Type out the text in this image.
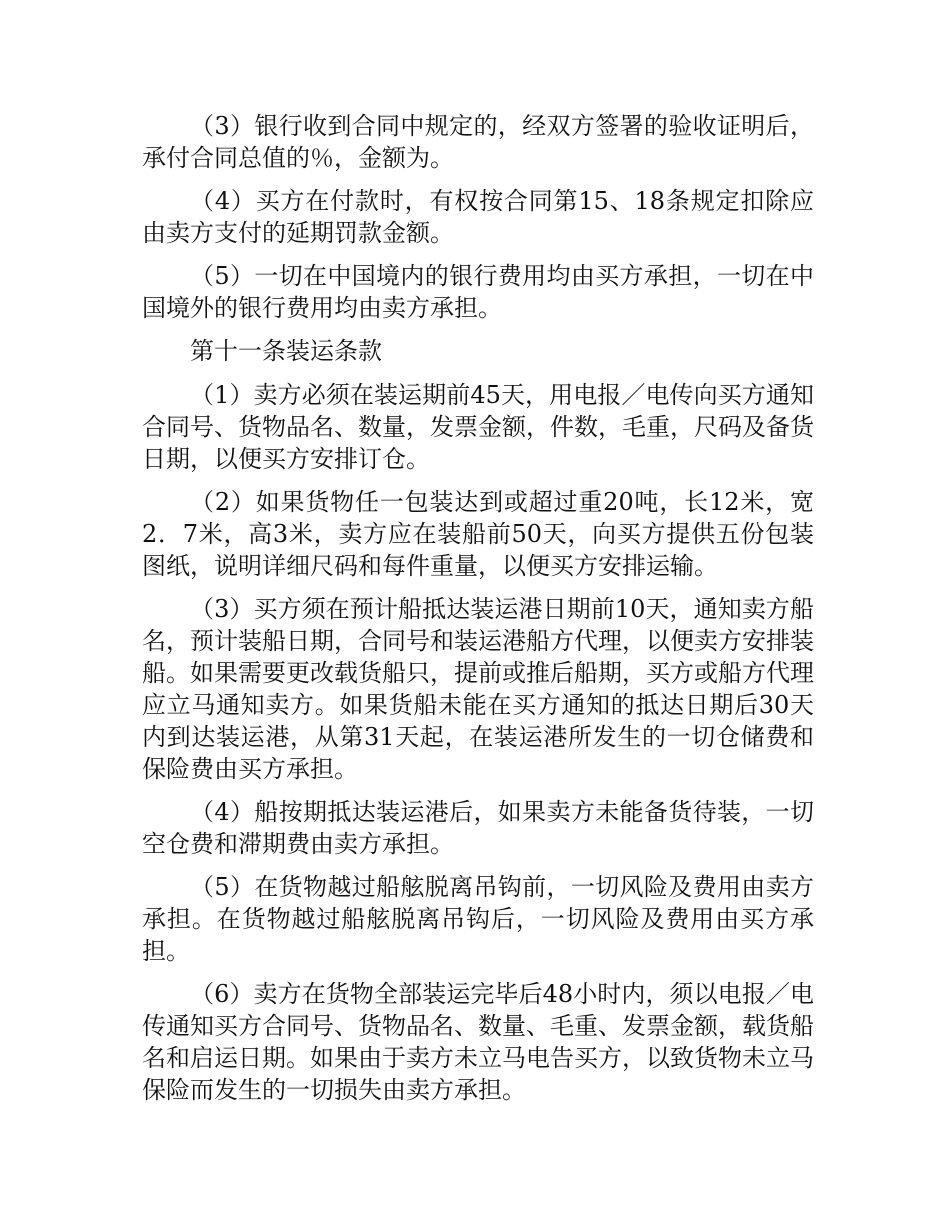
（3）银行收到合同中规定的，经双方签署的验收证明后，承付合同总值的％，金额为。

（4）买方在付款时，有权按合同第15、18条规定扣除应由卖方支付的延期罚款金额。

（5）一切在中国境内的银行费用均由买方承担，一切在中国境外的银行费用均由卖方承担。

第十一条装运条款

（1）卖方必须在装运期前45天，用电报／电传向买方通知合同号、货物品名、数量，发票金额，件数，毛重，尺码及备货日期，以便买方安排订仓。

（2）如果货物任一包装达到或超过重20吨，长12米，宽2．7米，高3米，卖方应在装船前50天，向买方提供五份包装图纸，说明详细尺码和每件重量，以便买方安排运输。

（3）买方须在预计船抵达装运港日期前10天，通知卖方船名，预计装船日期，合同号和装运港船方代理，以便卖方安排装船。如果需要更改载货船只，提前或推后船期，买方或船方代理应立马通知卖方。如果货船未能在买方通知的抵达日期后30天内到达装运港，从第31天起，在装运港所发生的一切仓储费和保险费由买方承担。

（4）船按期抵达装运港后，如果卖方未能备货待装，一切空仓费和滞期费由卖方承担。

（5）在货物越过船舷脱离吊钩前，一切风险及费用由卖方承担。在货物越过船舷脱离吊钩后，一切风险及费用由买方承担。

（6）卖方在货物全部装运完毕后48小时内，须以电报／电传通知买方合同号、货物品名、数量、毛重、发票金额，载货船名和启运日期。如果由于卖方未立马电告买方，以致货物未立马保险而发生的一切损失由卖方承担。
